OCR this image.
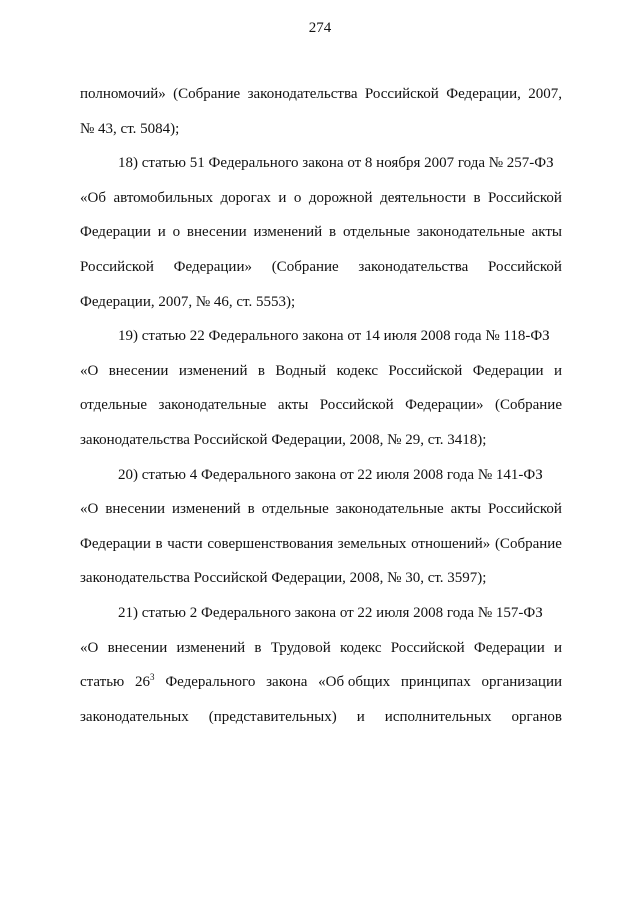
274
полномочий» (Собрание законодательства Российской Федерации, 2007,
№ 43, ст. 5084);
18) статью 51 Федерального закона от 8 ноября 2007 года № 257-ФЗ
«Об автомобильных дорогах и о дорожной деятельности в Российской
Федерации и о внесении изменений в отдельные законодательные акты
Российской Федерации» (Собрание законодательства Российской
Федерации, 2007, № 46, ст. 5553);
19) статью 22 Федерального закона от 14 июля 2008 года № 118-ФЗ
«О внесении изменений в Водный кодекс Российской Федерации и
отдельные законодательные акты Российской Федерации» (Собрание
законодательства Российской Федерации, 2008, № 29, ст. 3418);
20) статью 4 Федерального закона от 22 июля 2008 года № 141-ФЗ
«О внесении изменений в отдельные законодательные акты Российской
Федерации в части совершенствования земельных отношений» (Собрание
законодательства Российской Федерации, 2008, № 30, ст. 3597);
21) статью 2 Федерального закона от 22 июля 2008 года № 157-ФЗ
«О внесении изменений в Трудовой кодекс Российской Федерации и
статью $26^3$ Федерального закона «Об общих принципах организации
законодательных (представительных) и исполнительных органов
